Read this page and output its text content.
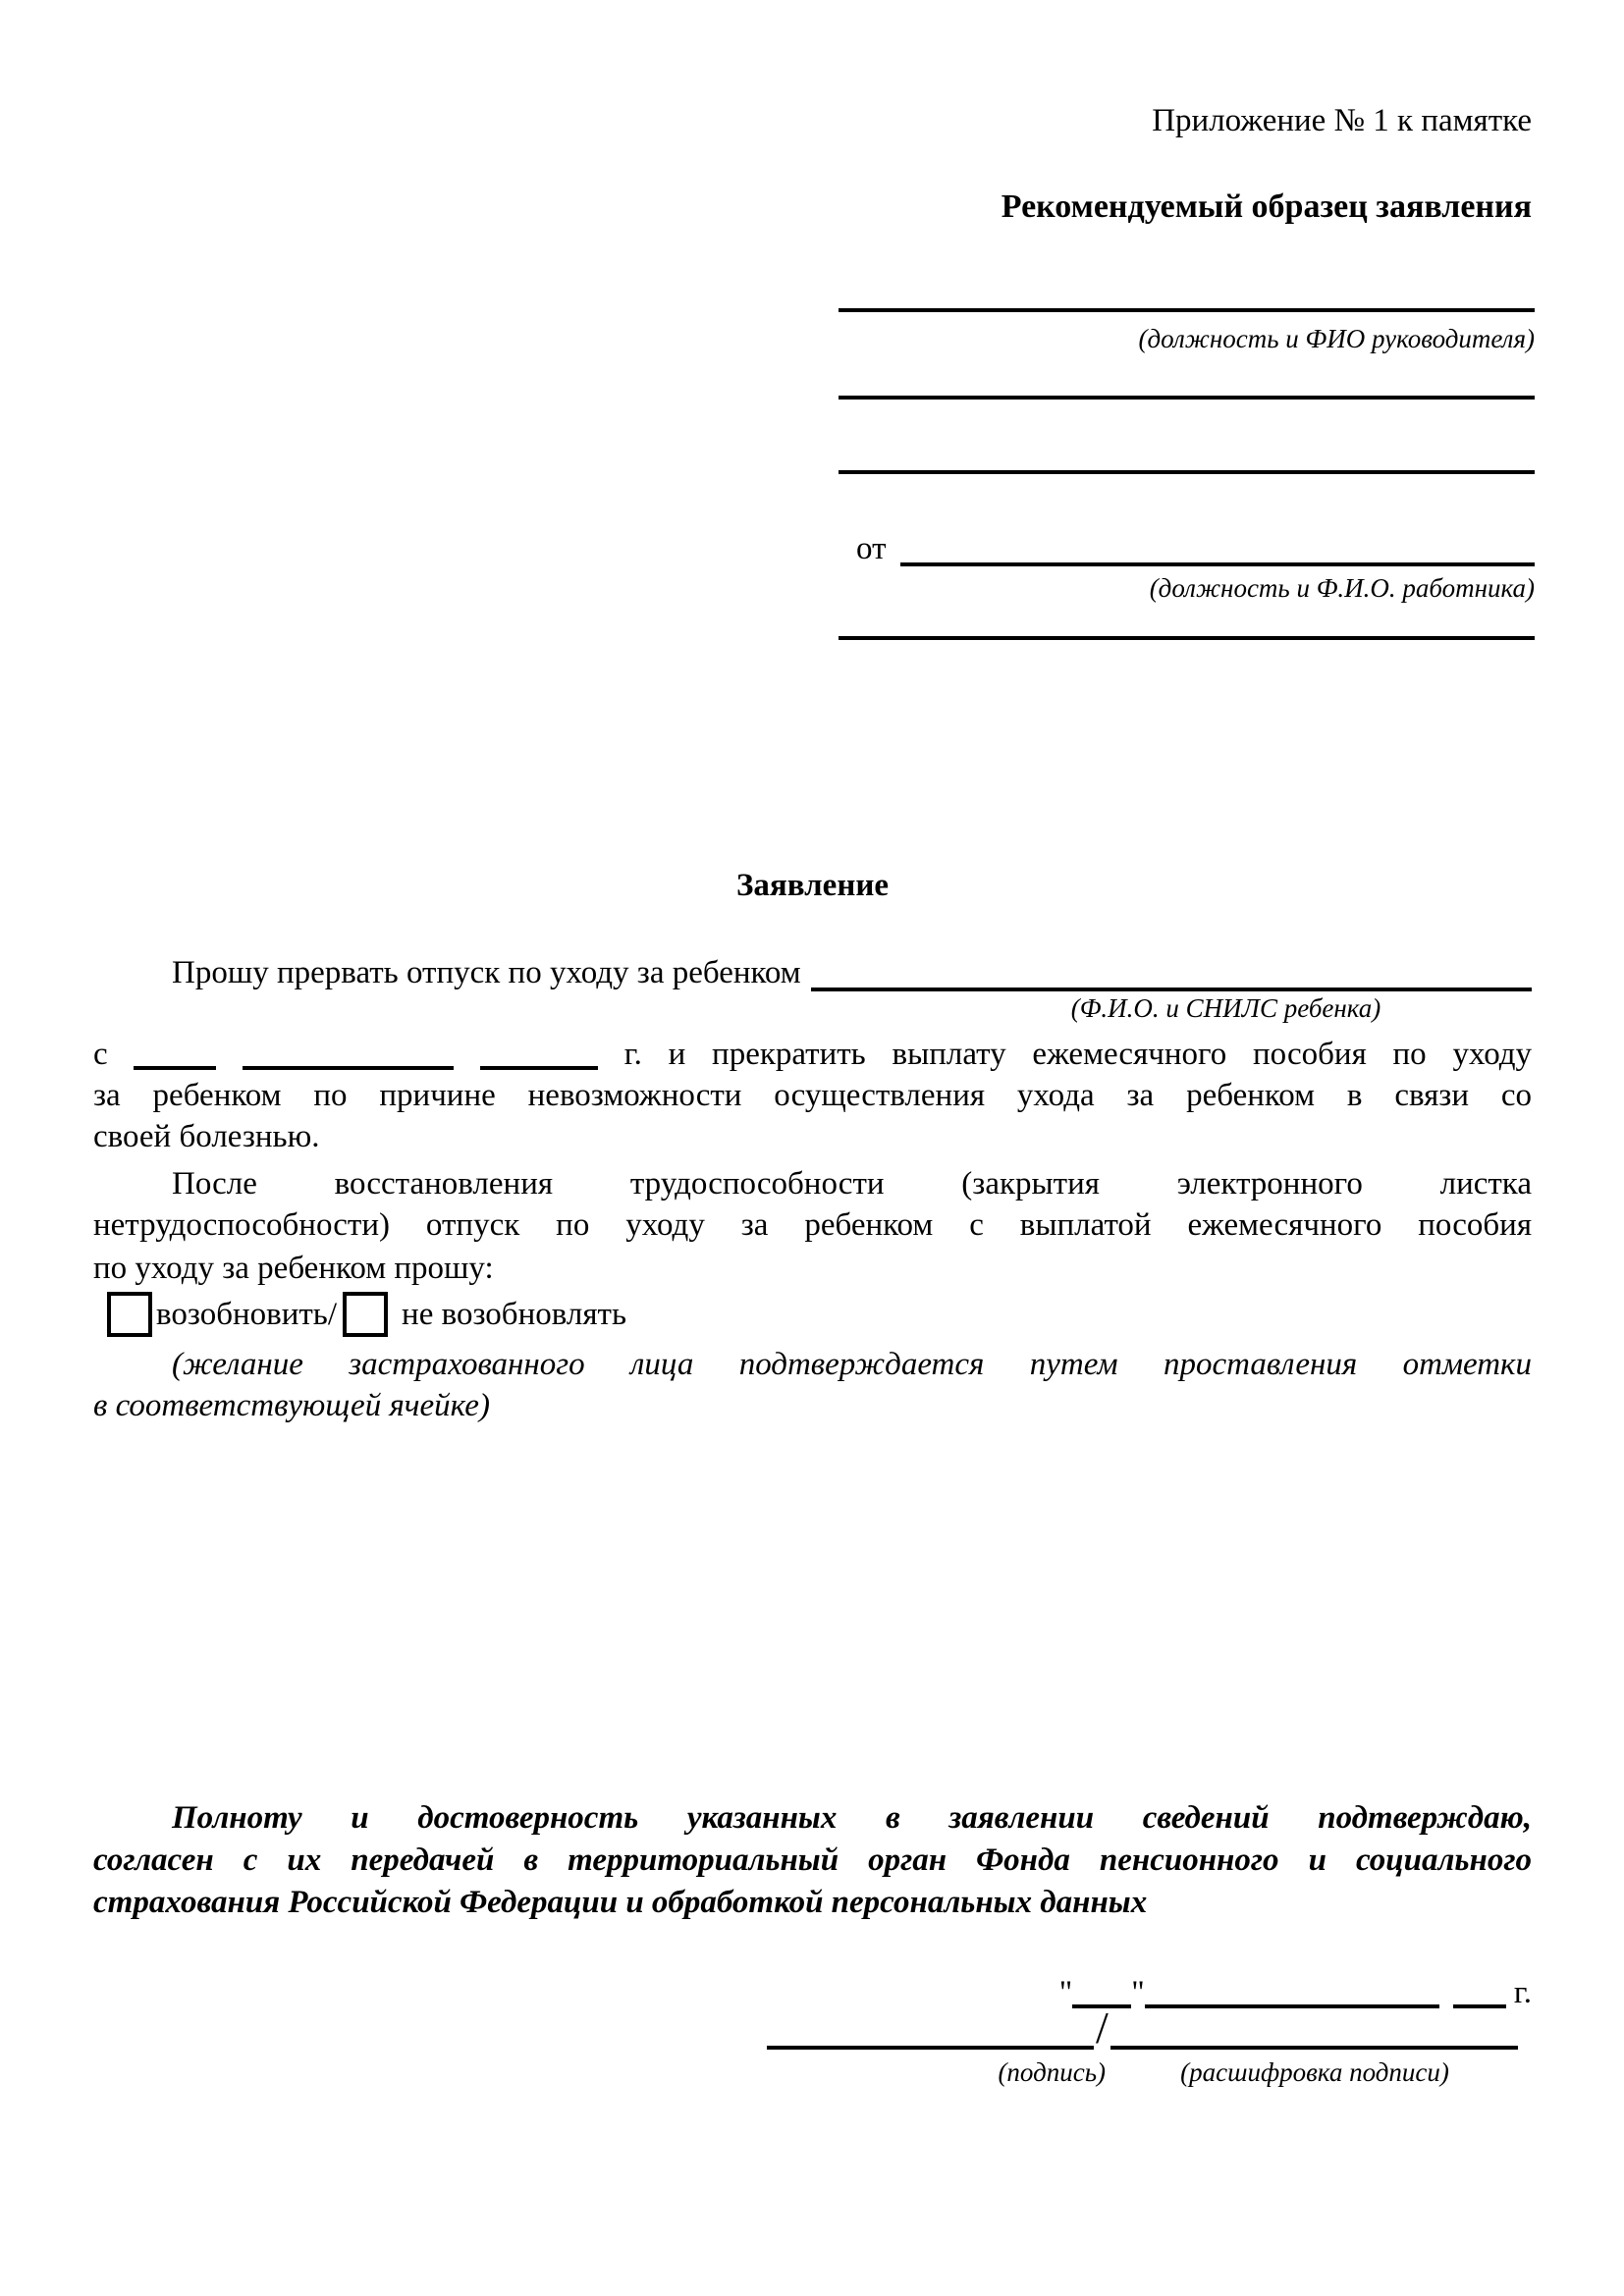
Приложение № 1 к памятке
Рекомендуемый образец заявления
(должность и ФИО руководителя)
от
(должность и Ф.И.О. работника)
Заявление
Прошу прервать отпуск по уходу за ребенком
(Ф.И.О. и СНИЛС ребенка)
с	г. и прекратить выплату ежемесячного пособия по уходу
за ребенком по причине невозможности осуществления ухода за ребенком в связи со
своей болезнью.
После восстановления трудоспособности (закрытия электронного листка
нетрудоспособности) отпуск по уходу за ребенком с выплатой ежемесячного пособия
по уходу за ребенком прошу:
возобновить/ не возобновлять
(желание застрахованного лица подтверждается путем проставления отметки
в соответствующей ячейке)
Полноту и достоверность указанных в заявлении сведений подтверждаю,
согласен с их передачей в территориальный орган Фонда пенсионного и социального
страхования Российской Федерации и обработкой персональных данных
" "	г.
/
(подпись)	(расшифровка подписи)
